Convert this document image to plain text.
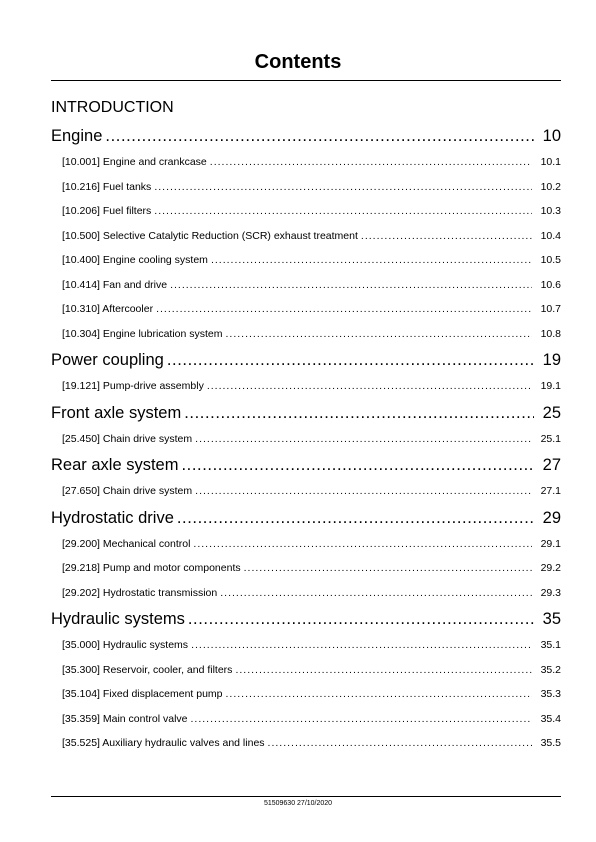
Contents
INTRODUCTION
Engine .....	10
[10.001] Engine and crankcase .....	10.1
[10.216] Fuel tanks .....	10.2
[10.206] Fuel filters .....	10.3
[10.500] Selective Catalytic Reduction (SCR) exhaust treatment .....	10.4
[10.400] Engine cooling system .....	10.5
[10.414] Fan and drive .....	10.6
[10.310] Aftercooler .....	10.7
[10.304] Engine lubrication system .....	10.8
Power coupling .....	19
[19.121] Pump-drive assembly .....	19.1
Front axle system .....	25
[25.450] Chain drive system .....	25.1
Rear axle system .....	27
[27.650] Chain drive system .....	27.1
Hydrostatic drive .....	29
[29.200] Mechanical control .....	29.1
[29.218] Pump and motor components .....	29.2
[29.202] Hydrostatic transmission .....	29.3
Hydraulic systems .....	35
[35.000] Hydraulic systems .....	35.1
[35.300] Reservoir, cooler, and filters .....	35.2
[35.104] Fixed displacement pump .....	35.3
[35.359] Main control valve .....	35.4
[35.525] Auxiliary hydraulic valves and lines .....	35.5
51509630 27/10/2020
